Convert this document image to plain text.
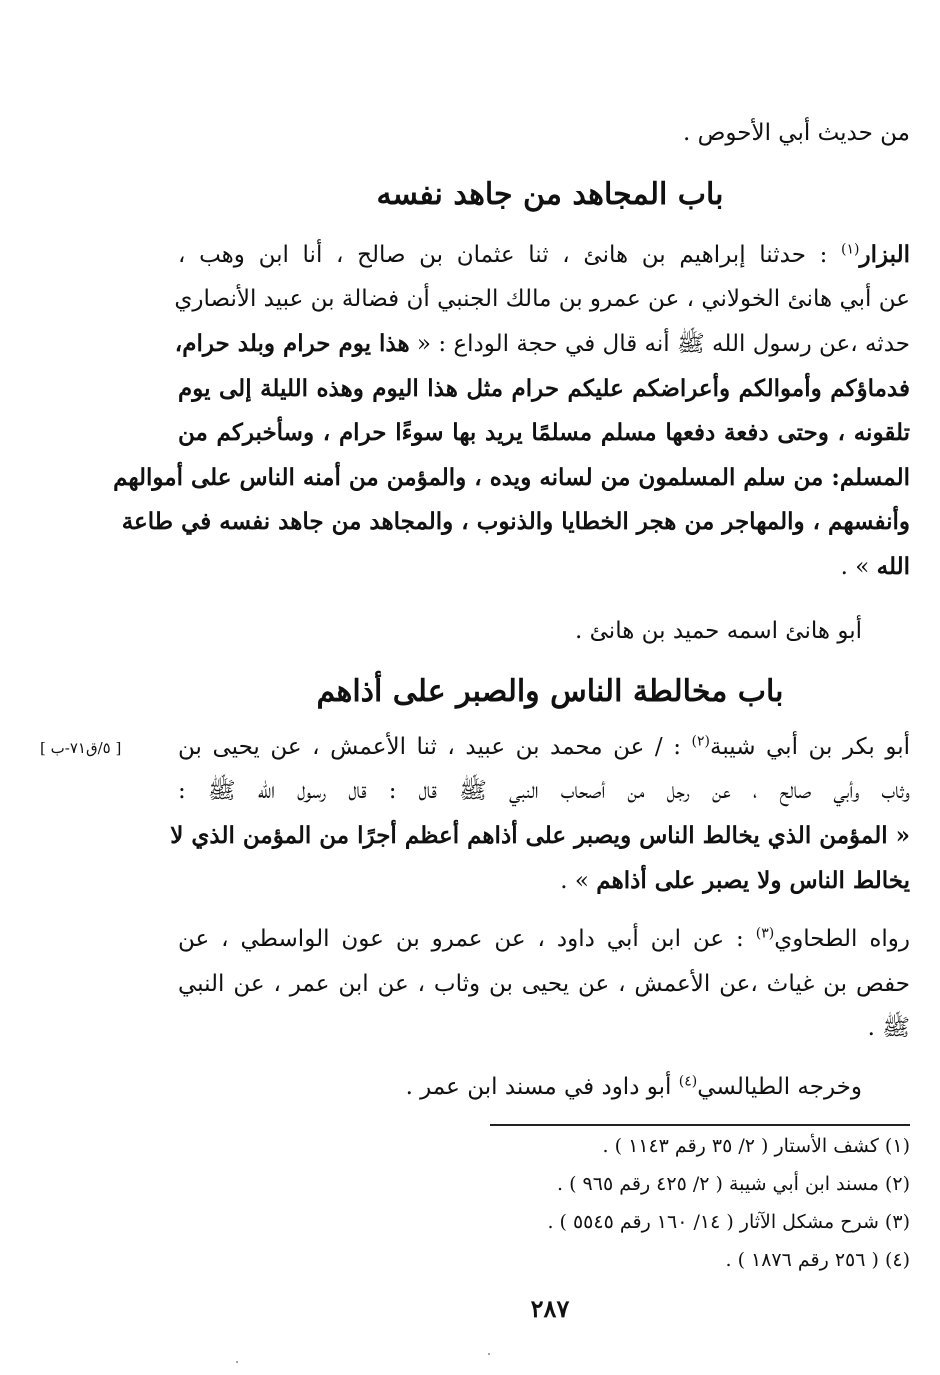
من حديث أبي الأحوص .
باب المجاهد من جاهد نفسه
البزار$^{(١)}$ : حدثنا إبراهيم بن هانئ ، ثنا عثمان بن صالح ، أنا ابن وهب ،
عن أبي هانئ الخولاني ، عن عمرو بن مالك الجنبي أن فضالة بن عبيد الأنصاري
حدثه ،عن رسول الله ﷺ أنه قال في حجة الوداع : « هذا يوم حرام وبلد حرام،
فدماؤكم وأموالكم وأعراضكم عليكم حرام مثل هذا اليوم وهذه الليلة إلى يوم
تلقونه ، وحتى دفعة دفعها مسلم مسلمًا يريد بها سوءًا حرام ، وسأخبركم من
المسلم: من سلم المسلمون من لسانه ويده ، والمؤمن من أمنه الناس على أموالهم
وأنفسهم ، والمهاجر من هجر الخطايا والذنوب ، والمجاهد من جاهد نفسه في طاعة
الله » .
أبو هانئ اسمه حميد بن هانئ .
باب مخالطة الناس والصبر على أذاهم
[ ٥/ق٧١-ب ]	أبو بكر بن أبي شيبة$^{(٢)}$ : / عن محمد بن عبيد ، ثنا الأعمش ، عن يحيى بن
وثاب وأبي صالح ، عن رجل من أصحاب النبي ﷺ قال : قال رسول الله ﷺ :
« المؤمن الذي يخالط الناس ويصبر على أذاهم أعظم أجرًا من المؤمن الذي لا
يخالط الناس ولا يصبر على أذاهم » .
رواه الطحاوي$^{(٣)}$ : عن ابن أبي داود ، عن عمرو بن عون الواسطي ، عن
حفص بن غياث ،عن الأعمش ، عن يحيى بن وثاب ، عن ابن عمر ، عن النبي
ﷺ .
وخرجه الطيالسي$^{(٤)}$ أبو داود في مسند ابن عمر .
(١) كشف الأستار ( ٢/ ٣٥ رقم ١١٤٣ ) .
(٢) مسند ابن أبي شيبة ( ٢/ ٤٢٥ رقم ٩٦٥ ) .
(٣) شرح مشكل الآثار ( ١٤/ ١٦٠ رقم ٥٥٤٥ ) .
(٤) ( ٢٥٦ رقم ١٨٧٦ ) .
٢٨٧
